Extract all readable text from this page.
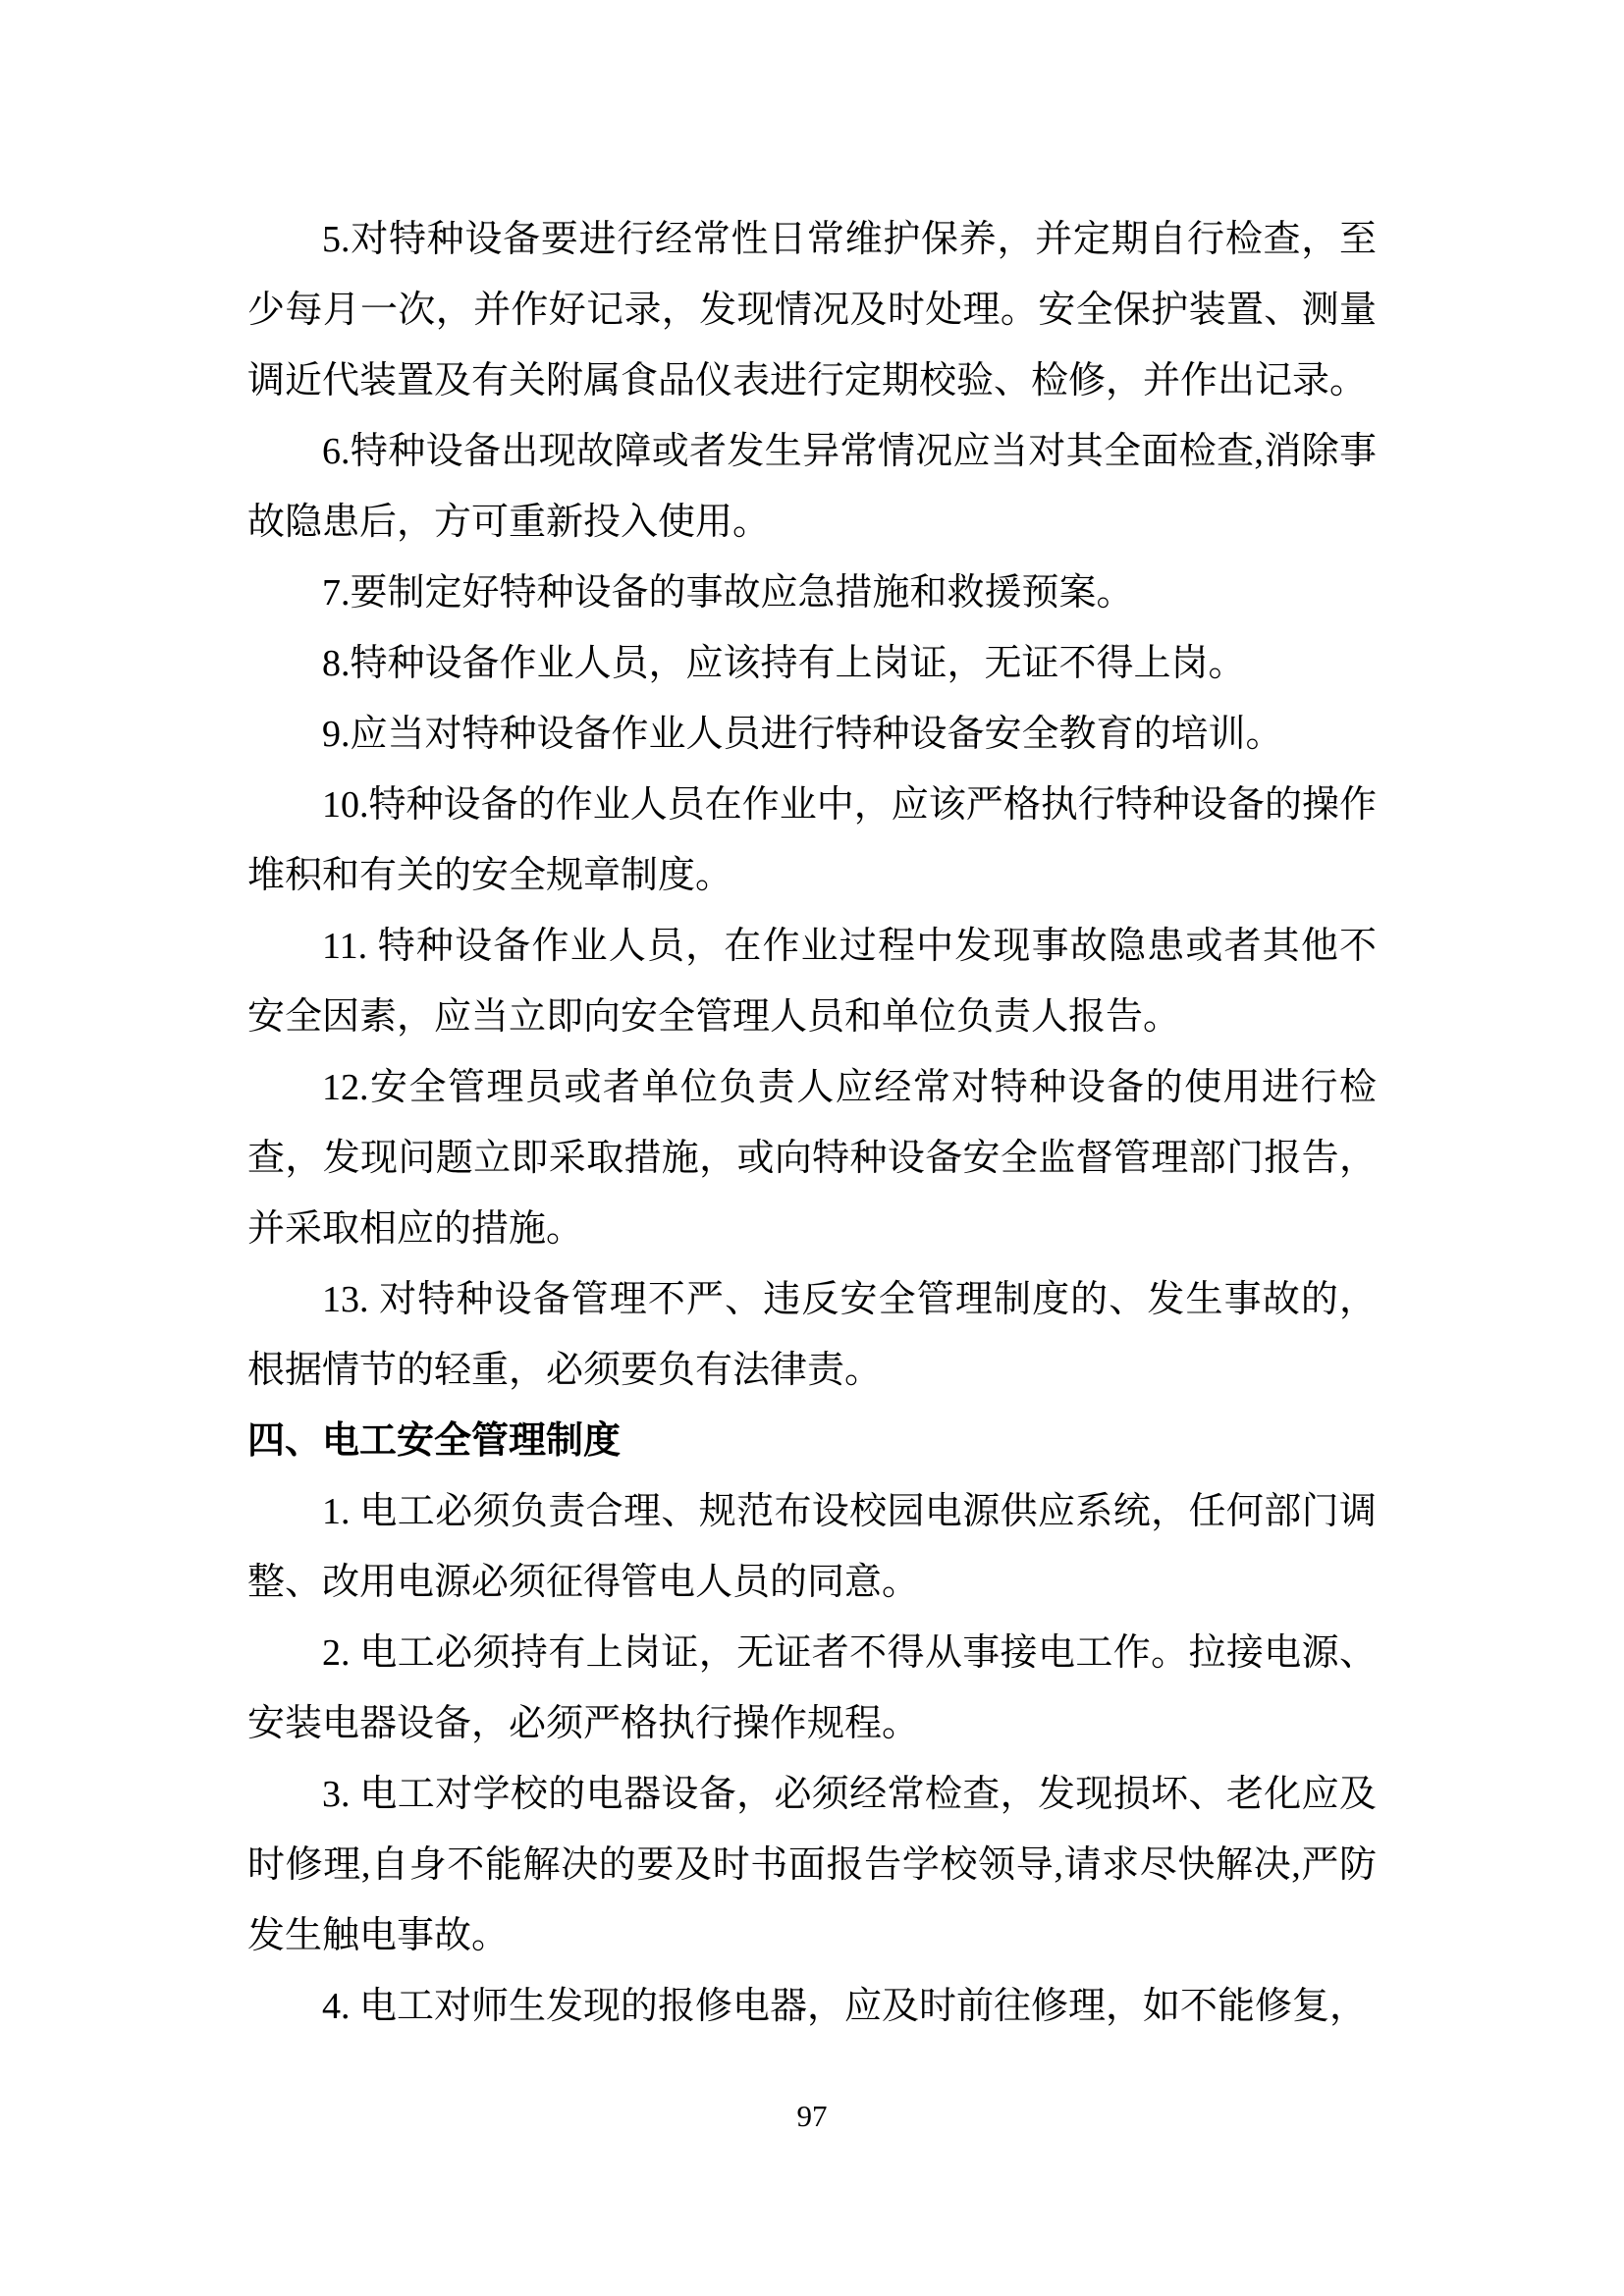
5.对特种设备要进行经常性日常维护保养，并定期自行检查，至少每月一次，并作好记录，发现情况及时处理。安全保护装置、测量调近代装置及有关附属食品仪表进行定期校验、检修，并作出记录。

6.特种设备出现故障或者发生异常情况应当对其全面检查,消除事故隐患后，方可重新投入使用。

7.要制定好特种设备的事故应急措施和救援预案。

8.特种设备作业人员，应该持有上岗证，无证不得上岗。

9.应当对特种设备作业人员进行特种设备安全教育的培训。

10.特种设备的作业人员在作业中，应该严格执行特种设备的操作堆积和有关的安全规章制度。

11. 特种设备作业人员，在作业过程中发现事故隐患或者其他不安全因素，应当立即向安全管理人员和单位负责人报告。

12.安全管理员或者单位负责人应经常对特种设备的使用进行检查，发现问题立即采取措施，或向特种设备安全监督管理部门报告，并采取相应的措施。

13. 对特种设备管理不严、违反安全管理制度的、发生事故的，根据情节的轻重，必须要负有法律责。

四、电工安全管理制度

1. 电工必须负责合理、规范布设校园电源供应系统，任何部门调整、改用电源必须征得管电人员的同意。

2. 电工必须持有上岗证，无证者不得从事接电工作。拉接电源、安装电器设备，必须严格执行操作规程。

3. 电工对学校的电器设备，必须经常检查，发现损坏、老化应及时修理,自身不能解决的要及时书面报告学校领导,请求尽快解决,严防发生触电事故。

4. 电工对师生发现的报修电器，应及时前往修理，如不能修复，

97
